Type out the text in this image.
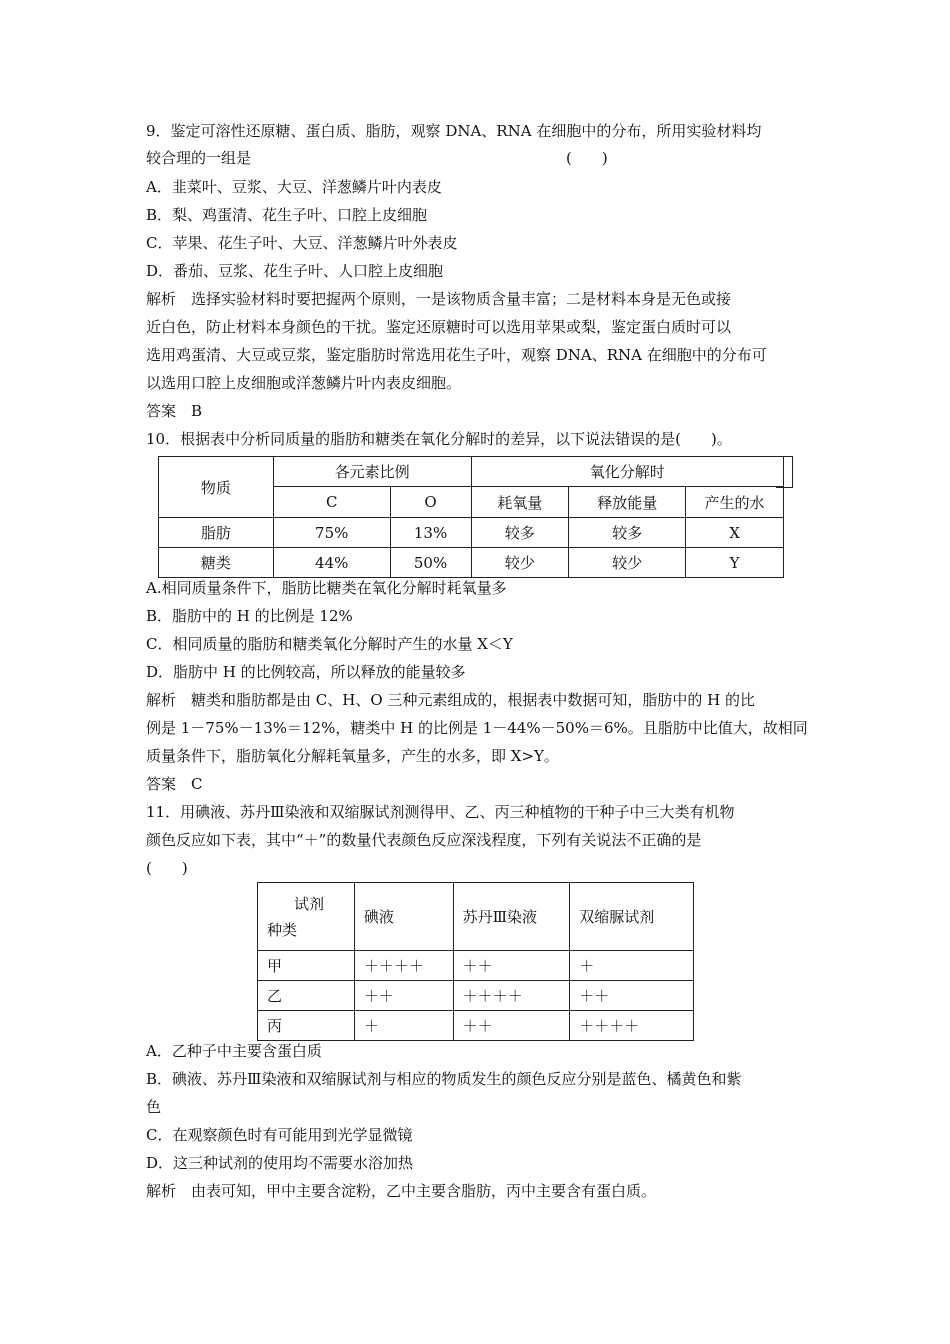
9．鉴定可溶性还原糖、蛋白质、脂肪，观察 DNA、RNA 在细胞中的分布，所用实验材料均
较合理的一组是	(　　)
A．韭菜叶、豆浆、大豆、洋葱鳞片叶内表皮
B．梨、鸡蛋清、花生子叶、口腔上皮细胞
C．苹果、花生子叶、大豆、洋葱鳞片叶外表皮
D．番茄、豆浆、花生子叶、人口腔上皮细胞
解析　选择实验材料时要把握两个原则，一是该物质含量丰富；二是材料本身是无色或接
近白色，防止材料本身颜色的干扰。鉴定还原糖时可以选用苹果或梨，鉴定蛋白质时可以
选用鸡蛋清、大豆或豆浆，鉴定脂肪时常选用花生子叶，观察 DNA、RNA 在细胞中的分布可
以选用口腔上皮细胞或洋葱鳞片叶内表皮细胞。
答案　B
10．根据表中分析同质量的脂肪和糖类在氧化分解时的差异，以下说法错误的是(　　)。
物质	各元素比例		氧化分解时		
	C	O	耗氧量	释放能量	产生的水
脂肪	75%	13%	较多	较多	X
糖类	44%	50%	较少	较少	Y
A.相同质量条件下，脂肪比糖类在氧化分解时耗氧量多
B．脂肪中的 H 的比例是 12%
C．相同质量的脂肪和糖类氧化分解时产生的水量 X＜Y
D．脂肪中 H 的比例较高，所以释放的能量较多
解析　糖类和脂肪都是由 C、H、O 三种元素组成的，根据表中数据可知，脂肪中的 H 的比
例是 1－75%－13%＝12%，糖类中 H 的比例是 1－44%－50%＝6%。且脂肪中比值大，故相同
质量条件下，脂肪氧化分解耗氧量多，产生的水多，即 X>Y。
答案　C
11．用碘液、苏丹Ⅲ染液和双缩脲试剂测得甲、乙、丙三种植物的干种子中三大类有机物
颜色反应如下表，其中“＋”的数量代表颜色反应深浅程度，下列有关说法不正确的是
(　　)
试剂
种类	碘液	苏丹Ⅲ染液	双缩脲试剂
甲	＋＋＋＋	＋＋	＋
乙	＋＋	＋＋＋＋	＋＋
丙	＋	＋＋	＋＋＋＋
A．乙种子中主要含蛋白质
B．碘液、苏丹Ⅲ染液和双缩脲试剂与相应的物质发生的颜色反应分别是蓝色、橘黄色和紫
色
C．在观察颜色时有可能用到光学显微镜
D．这三种试剂的使用均不需要水浴加热
解析　由表可知，甲中主要含淀粉，乙中主要含脂肪，丙中主要含有蛋白质。
